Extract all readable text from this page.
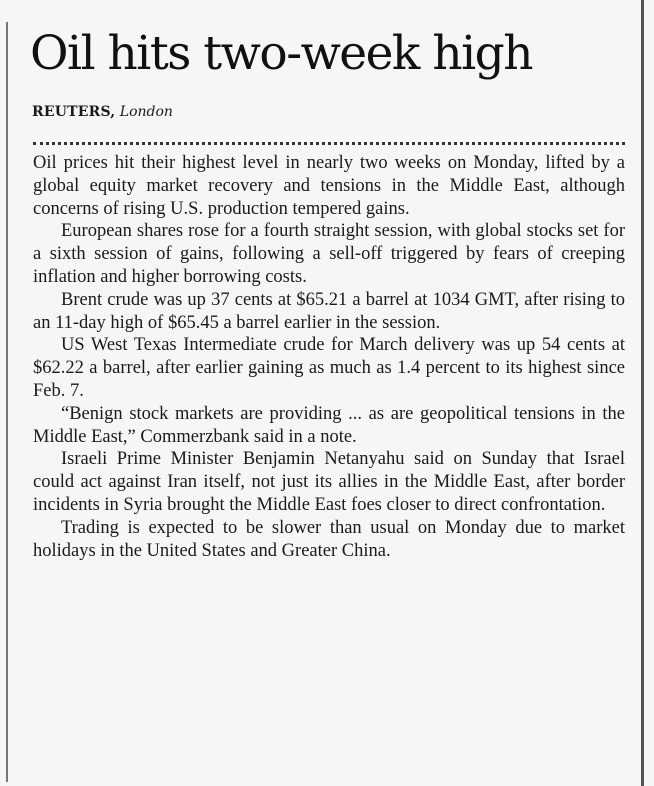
Oil hits two-week high
REUTERS, London

Oil prices hit their highest level in nearly two weeks on Monday, lifted by a global equity market recovery and tensions in the Middle East, although concerns of rising U.S. production tempered gains.

European shares rose for a fourth straight session, with global stocks set for a sixth session of gains, following a sell-off triggered by fears of creeping inflation and higher borrowing costs.

Brent crude was up 37 cents at $65.21 a barrel at 1034 GMT, after rising to an 11-day high of $65.45 a barrel earlier in the session.

US West Texas Intermediate crude for March delivery was up 54 cents at $62.22 a barrel, after earlier gaining as much as 1.4 percent to its highest since Feb. 7.

“Benign stock markets are providing ... as are geopolitical tensions in the Middle East,” Commerzbank said in a note.

Israeli Prime Minister Benjamin Netanyahu said on Sunday that Israel could act against Iran itself, not just its allies in the Middle East, after border incidents in Syria brought the Middle East foes closer to direct confrontation.

Trading is expected to be slower than usual on Monday due to market holidays in the United States and Greater China.
